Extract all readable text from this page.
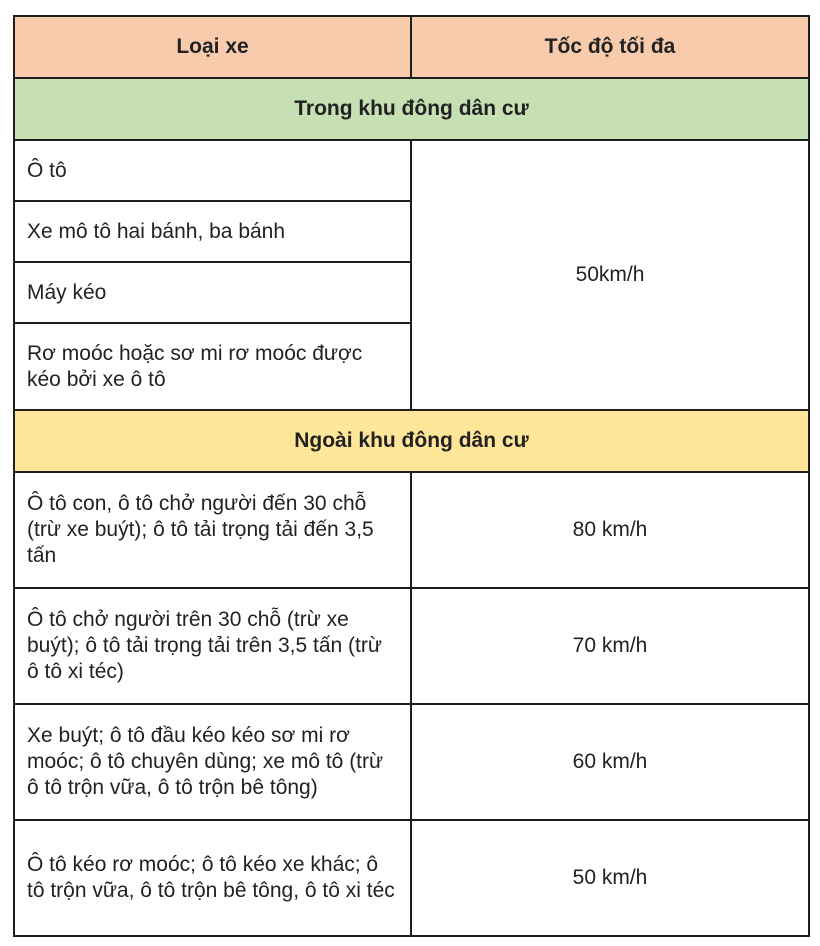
Loại xe	Tốc độ tối đa
Trong khu đông dân cư	
Ô tô	50km/h
Xe mô tô hai bánh, ba bánh	
Máy kéo	
Rơ moóc hoặc sơ mi rơ moóc được kéo bởi xe ô tô	
Ngoài khu đông dân cư	
Ô tô con, ô tô chở người đến 30 chỗ (trừ xe buýt); ô tô tải trọng tải đến 3,5 tấn	80 km/h
Ô tô chở người trên 30 chỗ (trừ xe buýt); ô tô tải trọng tải trên 3,5 tấn (trừ ô tô xi téc)	70 km/h
Xe buýt; ô tô đầu kéo kéo sơ mi rơ moóc; ô tô chuyên dùng; xe mô tô (trừ ô tô trộn vữa, ô tô trộn bê tông)	60 km/h
Ô tô kéo rơ moóc; ô tô kéo xe khác; ô tô trộn vữa, ô tô trộn bê tông, ô tô xi téc	50 km/h
